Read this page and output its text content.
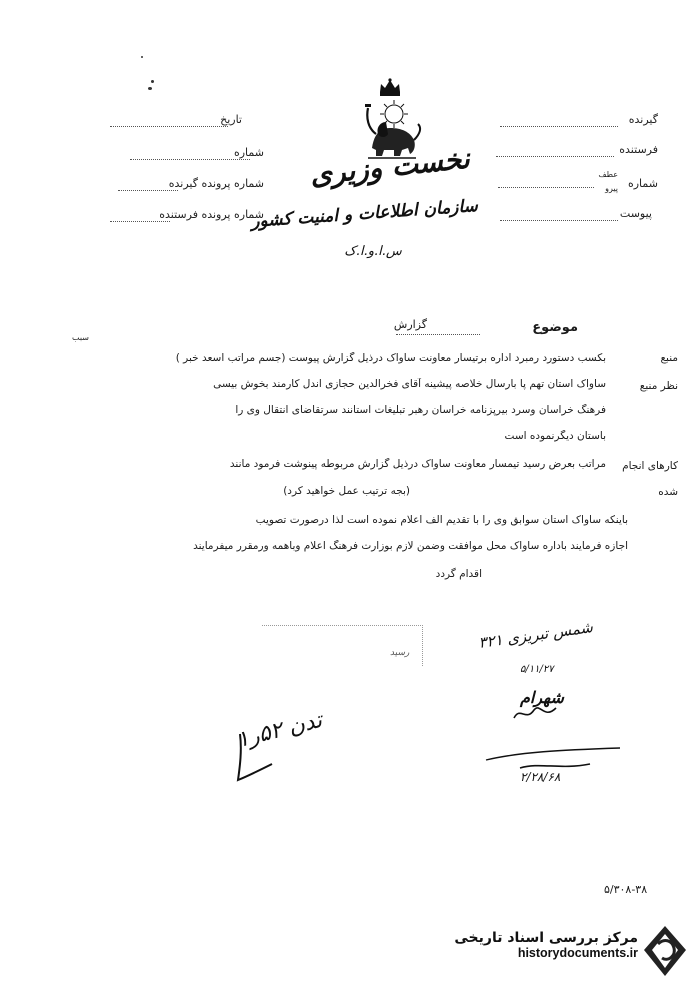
نخست وزیری
سازمان اطلاعات و امنیت کشور
س.ا.و.ا.ک
تاریخ
شماره
شماره پرونده گیرنده
شماره پرونده فرستنده
گیرنده
فرستنده
شماره
عطف
پیرو
پیوست
موضوع
گزارش
سبب
منبع
نظر منبع
کارهای انجام شده
بکسب دستورد رمبرد اداره برتیسار معاونت ساواک درذیل گزارش پیوست (جسم مراتب اسعد خبر )
ساواک استان تهم پا بارسال خلاصه پیشینه آقای فخرالدین حجازی اندل کارمند بخوش بیسی
فرهنگ خراسان وسرد بیرپزنامه خراسان رهبر تبلیغات استانند سرتقاضای انتقال وی را
باستان دیگرنموده است
مراتب بعرض رسید تیمسار معاونت ساواک درذیل گزارش مربوطه پینوشت فرمود مانند
(بجه ترتیب عمل خواهید کرد)
باینکه ساواک استان سوابق وی را با تقدیم الف اعلام نموده است لذا درصورت تصویب
اجازه فرمایند باداره ساواک محل موافقت وضمن لازم بوزارت فرهنگ اعلام وباهمه ورمقرر میفرمایند
اقدام گردد
شمس تبریزی ۳۲۱
۵/۱۱/۲۷
شهرام
تدن ۵۲ر۱
۲/۲۸/۶۸
رسید
۵/۳۰۸-۳۸
مرکز بررسی اسناد تاریخی
historydocuments.ir
